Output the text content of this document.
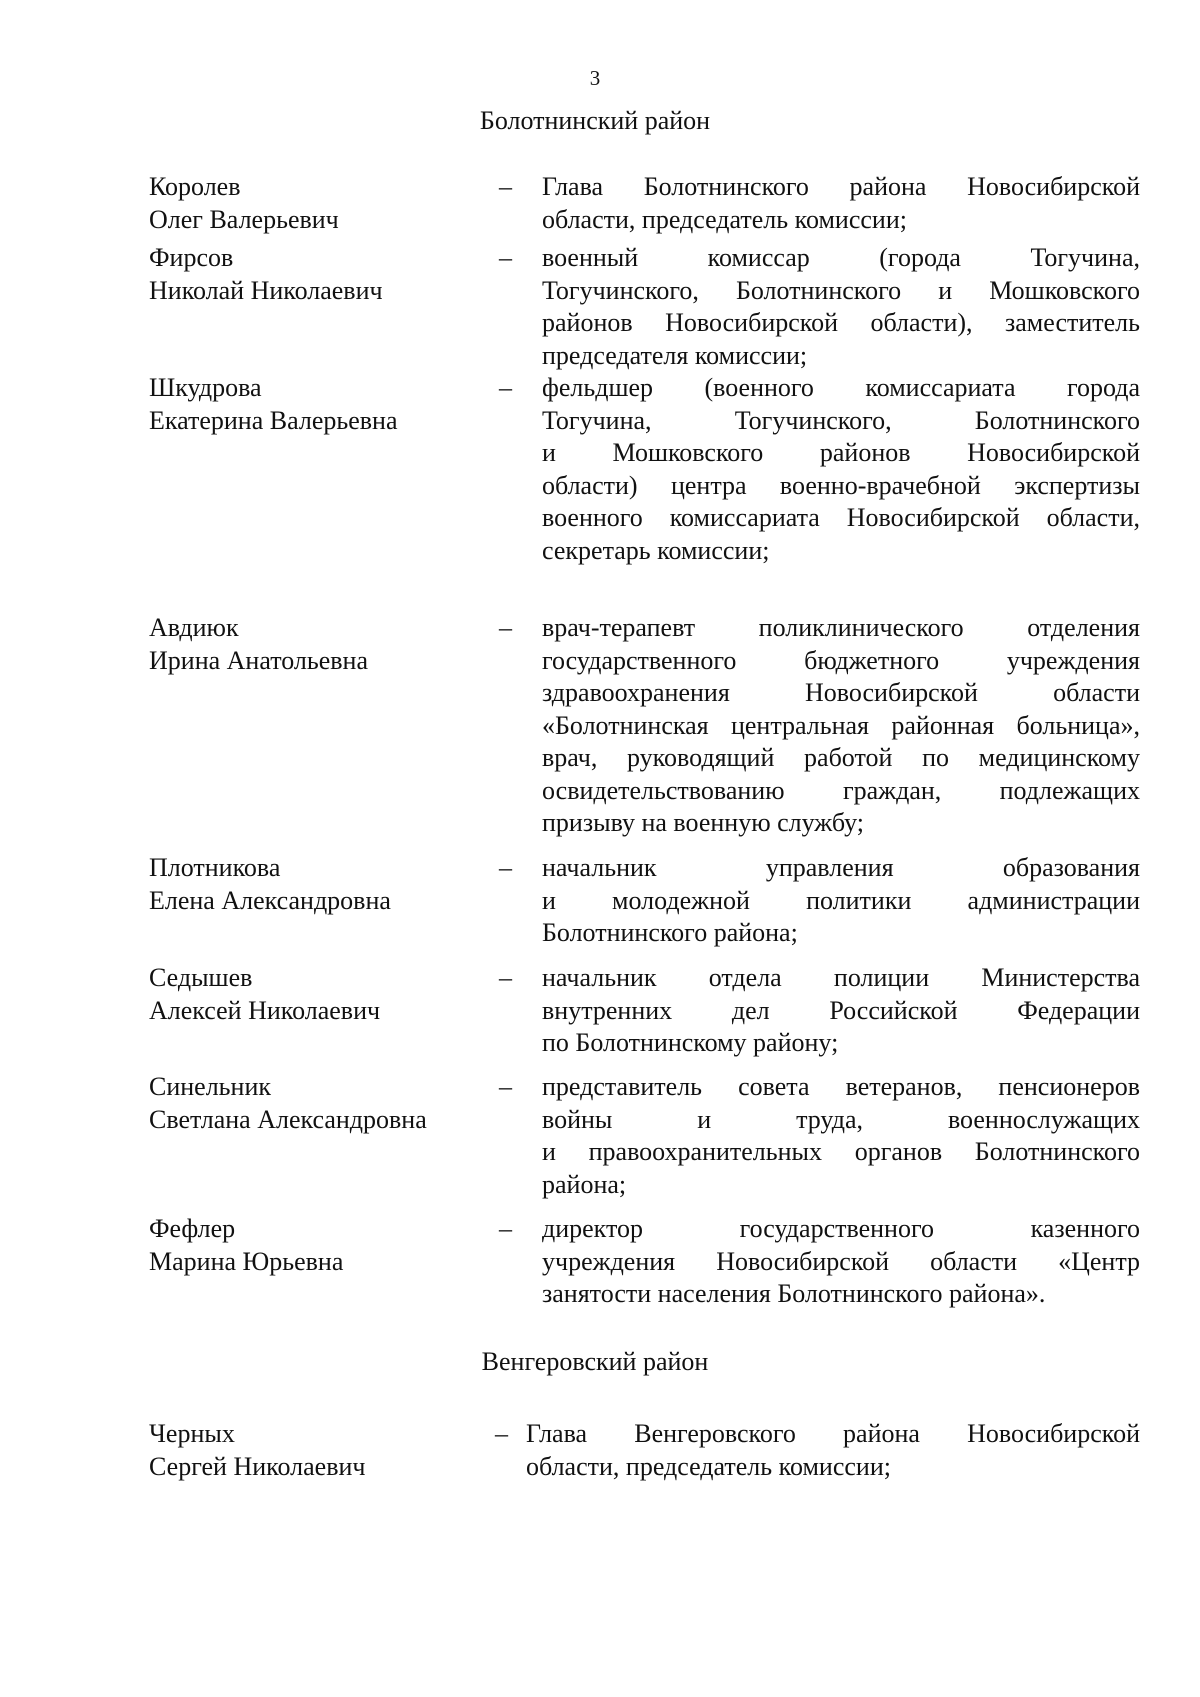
3
Болотнинский район
Королев
Олег Валерьевич
– Глава Болотнинского района Новосибирской
области, председатель комиссии;
Фирсов
Николай Николаевич
– военный комиссар (города Тогучина,
Тогучинского, Болотнинского и Мошковского
районов Новосибирской области), заместитель
председателя комиссии;
Шкудрова
Екатерина Валерьевна
– фельдшер (военного комиссариата города
Тогучина, Тогучинского, Болотнинского
и Мошковского районов Новосибирской
области) центра военно-врачебной экспертизы
военного комиссариата Новосибирской области,
секретарь комиссии;
Авдиюк
Ирина Анатольевна
– врач-терапевт поликлинического отделения
государственного бюджетного учреждения
здравоохранения Новосибирской области
«Болотнинская центральная районная больница»,
врач, руководящий работой по медицинскому
освидетельствованию граждан, подлежащих
призыву на военную службу;
Плотникова
Елена Александровна
– начальник управления образования
и молодежной политики администрации
Болотнинского района;
Седышев
Алексей Николаевич
– начальник отдела полиции Министерства
внутренних дел Российской Федерации
по Болотнинскому району;
Синельник
Светлана Александровна
– представитель совета ветеранов, пенсионеров
войны и труда, военнослужащих
и правоохранительных органов Болотнинского
района;
Фефлер
Марина Юрьевна
– директор государственного казенного
учреждения Новосибирской области «Центр
занятости населения Болотнинского района».
Венгеровский район
Черных
Сергей Николаевич
– Глава Венгеровского района Новосибирской
области, председатель комиссии;
